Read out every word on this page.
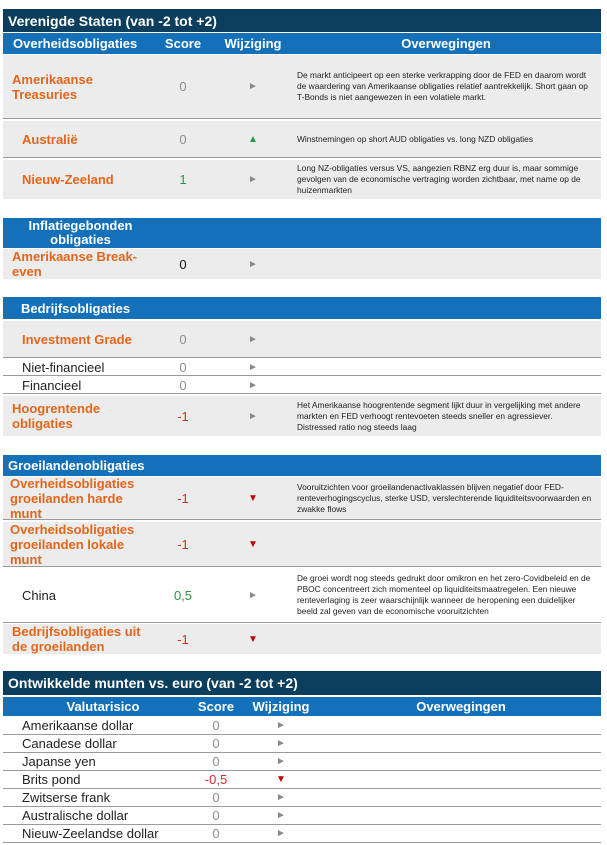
Verenigde Staten (van -2 tot +2)
Overheidsobligaties	Score	Wijziging	Overwegingen
Amerikaanse Treasuries	0	►
De markt anticipeert op een sterke verkrapping door de FED en daarom wordt de waardering van Amerikaanse obligaties relatief aantrekkelijk. Short gaan op T-Bonds is niet aangewezen in een volatiele markt.
Australië	0	▲	Winstnemingen op short AUD obligaties vs. long NZD obligaties
Nieuw-Zeeland	1	►
Long NZ-obligaties versus VS, aangezien RBNZ erg duur is, maar sommige gevolgen van de economische vertraging worden zichtbaar, met name op de huizenmarkten
Inflatiegebonden obligaties
Amerikaanse Break-even	0	►
Bedrijfsobligaties
Investment Grade	0	►
Niet-financieel	0	►
Financieel	0	►
Hoogrentende obligaties	-1	►
Het Amerikaanse hoogrentende segment lijkt duur in vergelijking met andere markten en FED verhoogt rentevoeten steeds sneller en agressiever. Distressed ratio nog steeds laag
Groeilandenobligaties
Overheidsobligaties groeilanden harde munt
-1	▼
Vooruitzichten voor groeilandenactivaklassen blijven negatief door FED-renteverhogingscyclus, sterke USD, verslechterende liquiditeitsvoorwaarden en zwakke flows
Overheidsobligaties groeilanden lokale munt
-1	▼
China	0,5	►
De groei wordt nog steeds gedrukt door omikron en het zero-Covidbeleid en de PBOC concentreert zich momenteel op liquiditeitsmaatregelen. Een nieuwe renteverlaging is zeer waarschijnlijk wanneer de heropening een duidelijker beeld zal geven van de economische vooruitzichten
Bedrijfsobligaties uit de groeilanden	-1	▼
Ontwikkelde munten vs. euro (van -2 tot +2)
Valutarisico	Score	Wijziging	Overwegingen
Amerikaanse dollar	0	►
Canadese dollar	0	►
Japanse yen	0	►
Brits pond	-0,5	▼
Zwitserse frank	0	►
Australische dollar	0	►
Nieuw-Zeelandse dollar	0	►
